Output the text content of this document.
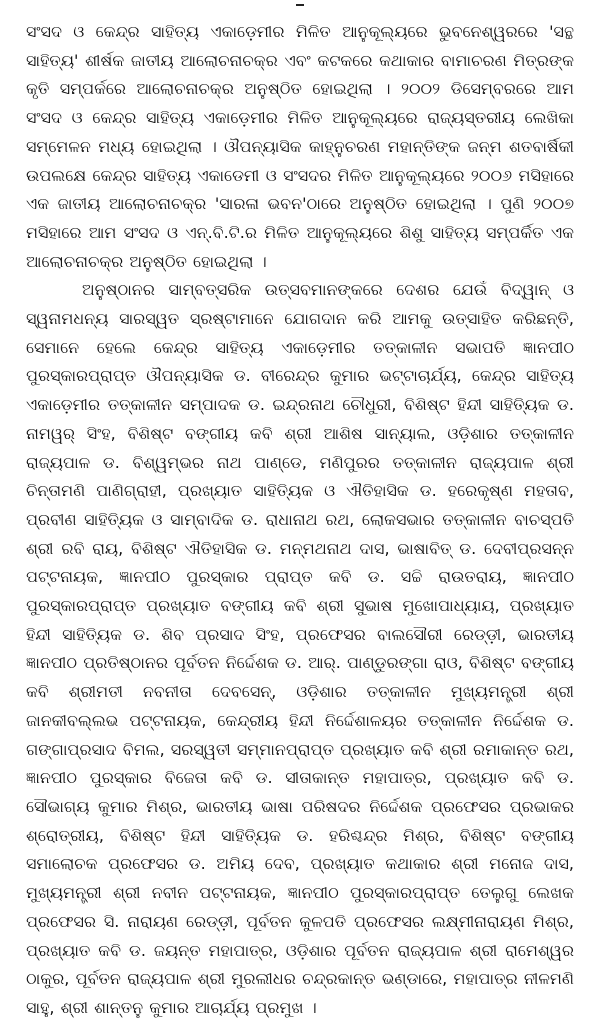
ସଂସଦ ଓ କେନ୍ଦ୍ର ସାହିତ୍ୟ ଏକାଡ଼େମୀର ମିଳିତ ଆନୁକୂଲ୍ୟରେ ଭୁବନେଶ୍ୱରରେ 'ସନ୍ଥ ସାହିତ୍ୟ' ଶୀର୍ଷକ ଜାତୀୟ ଆଲୋଚନାଚକ୍ର ଏବଂ କଟକରେ କଥାକାର ବାମାଚରଣ ମିତ୍ରଙ୍କ କୃତି ସମ୍ପର୍କରେ ଆଲୋଚନାଚକ୍ର ଅନୁଷ୍ଠିତ ହୋଇଥିଲା । ୨୦୦୨ ଡିସେମ୍ବରରେ ଆମ ସଂସଦ ଓ କେନ୍ଦ୍ର ସାହିତ୍ୟ ଏକାଡ଼େମୀର ମିଳିତ ଆନୁକୂଲ୍ୟରେ ରାଜ୍ୟସ୍ତରୀୟ ଲେଖିକା ସମ୍ମେଳନ ମଧ୍ୟ ହୋଇଥିଲା । ଔପନ୍ୟାସିକ କାହ୍ନୁଚରଣ ମହାନ୍ତିଙ୍କ ଜନ୍ମ ଶତବାର୍ଷିକୀ ଉପଲକ୍ଷେ କେନ୍ଦ୍ର ସାହିତ୍ୟ ଏକାଡେମୀ ଓ ସଂସଦର ମିଳିତ ଆନୁକୂଲ୍ୟରେ ୨୦୦୬ ମସିହାରେ ଏକ ଜାତୀୟ ଆଲୋଚନାଚକ୍ର 'ସାରଳା ଭବନ'ଠାରେ ଅନୁଷ୍ଠିତ ହୋଇଥିଲା । ପୁଣି ୨୦୦୭ ମସିହାରେ ଆମ ସଂସଦ ଓ ଏନ୍.ବି.ଟି.ର ମିଳିତ ଆନୁକୂଲ୍ୟରେ ଶିଶୁ ସାହିତ୍ୟ ସମ୍ପର୍କିତ ଏକ ଆଲୋଚନାଚକ୍ର ଅନୁଷ୍ଠିତ ହୋଇଥିଲା ।

ଅନୁଷ୍ଠାନର ସାମ୍ବତ୍ସରିକ ଉତ୍ସବମାନଙ୍କରେ ଦେଶର ଯେଉଁ ବିଦ୍ୱାନ୍ ଓ ସ୍ୱନାମଧନ୍ୟ ସାରସ୍ୱତ ସ୍ରଷ୍ଟାମାନେ ଯୋଗଦାନ କରି ଆମକୁ ଉତ୍ସାହିତ କରିଛନ୍ତି, ସେମାନେ ହେଲେ କେନ୍ଦ୍ର ସାହିତ୍ୟ ଏକାଡ଼େମୀର ତତ୍କାଳୀନ ସଭାପତି ଜ୍ଞାନପୀଠ ପୁରସ୍କାରପ୍ରାପ୍ତ ଔପନ୍ୟାସିକ ଡ. ବୀରେନ୍ଦ୍ର କୁମାର ଭଟ୍ଟାଚାର୍ଯ୍ୟ, କେନ୍ଦ୍ର ସାହିତ୍ୟ ଏକାଡ଼େମୀର ତତ୍କାଳୀନ ସମ୍ପାଦକ ଡ. ଇନ୍ଦ୍ରନାଥ ଚୌଧୁରୀ, ବିଶିଷ୍ଟ ହିନ୍ଦୀ ସାହିତ୍ୟିକ ଡ. ନାମୱର୍ ସିଂହ, ବିଶିଷ୍ଟ ବଙ୍ଗୀୟ କବି ଶ୍ରୀ ଆଶିଷ ସାନ୍ୟାଲ, ଓଡ଼ିଶାର ତତ୍କାଳୀନ ରାଜ୍ୟପାଳ ଡ. ବିଶ୍ୱମ୍ଭର ନାଥ ପାଣ୍ଡେ, ମଣିପୁରର ତତ୍କାଳୀନ ରାଜ୍ୟପାଳ ଶ୍ରୀ ଚିନ୍ତାମଣି ପାଣିଗ୍ରାହୀ, ପ୍ରଖ୍ୟାତ ସାହିତ୍ୟିକ ଓ ଐତିହାସିକ ଡ. ହରେକୃଷ୍ଣ ମହତାବ, ପ୍ରବୀଣ ସାହିତ୍ୟିକ ଓ ସାମ୍ବାଦିକ ଡ. ରାଧାନାଥ ରଥ, ଲୋକସଭାର ତତ୍କାଳୀନ ବାଚସ୍ପତି ଶ୍ରୀ ରବି ରାୟ, ବିଶିଷ୍ଟ ଐତିହାସିକ ଡ. ମନ୍ମଥନାଥ ଦାସ, ଭାଷାବିତ୍ ଡ. ଦେବୀପ୍ରସନ୍ନ ପଟ୍ଟନାୟକ, ଜ୍ଞାନପୀଠ ପୁରସ୍କାର ପ୍ରାପ୍ତ କବି ଡ. ସଚ୍ଚି ରାଉତରାୟ, ଜ୍ଞାନପୀଠ ପୁରସ୍କାରପ୍ରାପ୍ତ ପ୍ରଖ୍ୟାତ ବଙ୍ଗୀୟ କବି ଶ୍ରୀ ସୁଭାଷ ମୁଖୋପାଧ୍ୟାୟ, ପ୍ରଖ୍ୟାତ ହିନ୍ଦୀ ସାହିତ୍ୟିକ ଡ. ଶିବ ପ୍ରସାଦ ସିଂହ, ପ୍ରଫେସର ବାଲସୌରୀ ରେଡ୍ଡ଼ୀ, ଭାରତୀୟ ଜ୍ଞାନପୀଠ ପ୍ରତିଷ୍ଠାନର ପୂର୍ବତନ ନିର୍ଦ୍ଦେଶକ ଡ. ଆର୍. ପାଣ୍ଡୁରଙ୍ଗା ରାଓ, ବିଶିଷ୍ଟ ବଙ୍ଗୀୟ କବି ଶ୍ରୀମତୀ ନବନୀତା ଦେବସେନ୍, ଓଡ଼ିଶାର ତତ୍କାଳୀନ ମୁଖ୍ୟମନ୍ତ୍ରୀ ଶ୍ରୀ ଜାନକୀବଲ୍ଲଭ ପଟ୍ଟନାୟକ, କେନ୍ଦ୍ରୀୟ ହିନ୍ଦୀ ନିର୍ଦ୍ଦେଶାଳୟର ତତ୍କାଳୀନ ନିର୍ଦ୍ଦେଶକ ଡ. ଗଙ୍ଗାପ୍ରସାଦ ବିମଲ, ସରସ୍ୱତୀ ସମ୍ମାନପ୍ରାପ୍ତ ପ୍ରଖ୍ୟାତ କବି ଶ୍ରୀ ରମାକାନ୍ତ ରଥ, ଜ୍ଞାନପୀଠ ପୁରସ୍କାର ବିଜେତା କବି ଡ. ସୀତାକାନ୍ତ ମହାପାତ୍ର, ପ୍ରଖ୍ୟାତ କବି ଡ. ସୌଭାଗ୍ୟ କୁମାର ମିଶ୍ର, ଭାରତୀୟ ଭାଷା ପରିଷଦର ନିର୍ଦ୍ଦେଶକ ପ୍ରଫେସର ପ୍ରଭାକର ଶ୍ରୋତ୍ରୀୟ, ବିଶିଷ୍ଟ ହିନ୍ଦୀ ସାହିତ୍ୟିକ ଡ. ହରିଶ୍ଚନ୍ଦ୍ର ମିଶ୍ର, ବିଶିଷ୍ଟ ବଙ୍ଗୀୟ ସମାଲୋଚକ ପ୍ରଫେସର ଡ. ଅମିୟ ଦେବ, ପ୍ରଖ୍ୟାତ କଥାକାର ଶ୍ରୀ ମନୋଜ ଦାସ, ମୁଖ୍ୟମନ୍ତ୍ରୀ ଶ୍ରୀ ନବୀନ ପଟ୍ଟନାୟକ, ଜ୍ଞାନପୀଠ ପୁରସ୍କାରପ୍ରାପ୍ତ ତେଲୁଗୁ ଲେଖକ ପ୍ରଫେସର ସି. ନାରାୟଣ ରେଡ୍ଡ଼ୀ, ପୂର୍ବତନ କୁଳପତି ପ୍ରଫେସର ଲକ୍ଷ୍ମୀନାରାୟଣ ମିଶ୍ର, ପ୍ରଖ୍ୟାତ କବି ଡ. ଜୟନ୍ତ ମହାପାତ୍ର, ଓଡ଼ିଶାର ପୂର୍ବତନ ରାଜ୍ୟପାଳ ଶ୍ରୀ ରାମେଶ୍ୱର ଠାକୁର, ପୂର୍ବତନ ରାଜ୍ୟପାଳ ଶ୍ରୀ ମୁରଲୀଧର ଚନ୍ଦ୍ରକାନ୍ତ ଭଣ୍ଡାରେ, ମହାପାତ୍ର ନୀଳମଣି ସାହୁ, ଶ୍ରୀ ଶାନ୍ତନୁ କୁମାର ଆଚାର୍ଯ୍ୟ ପ୍ରମୁଖ ।
